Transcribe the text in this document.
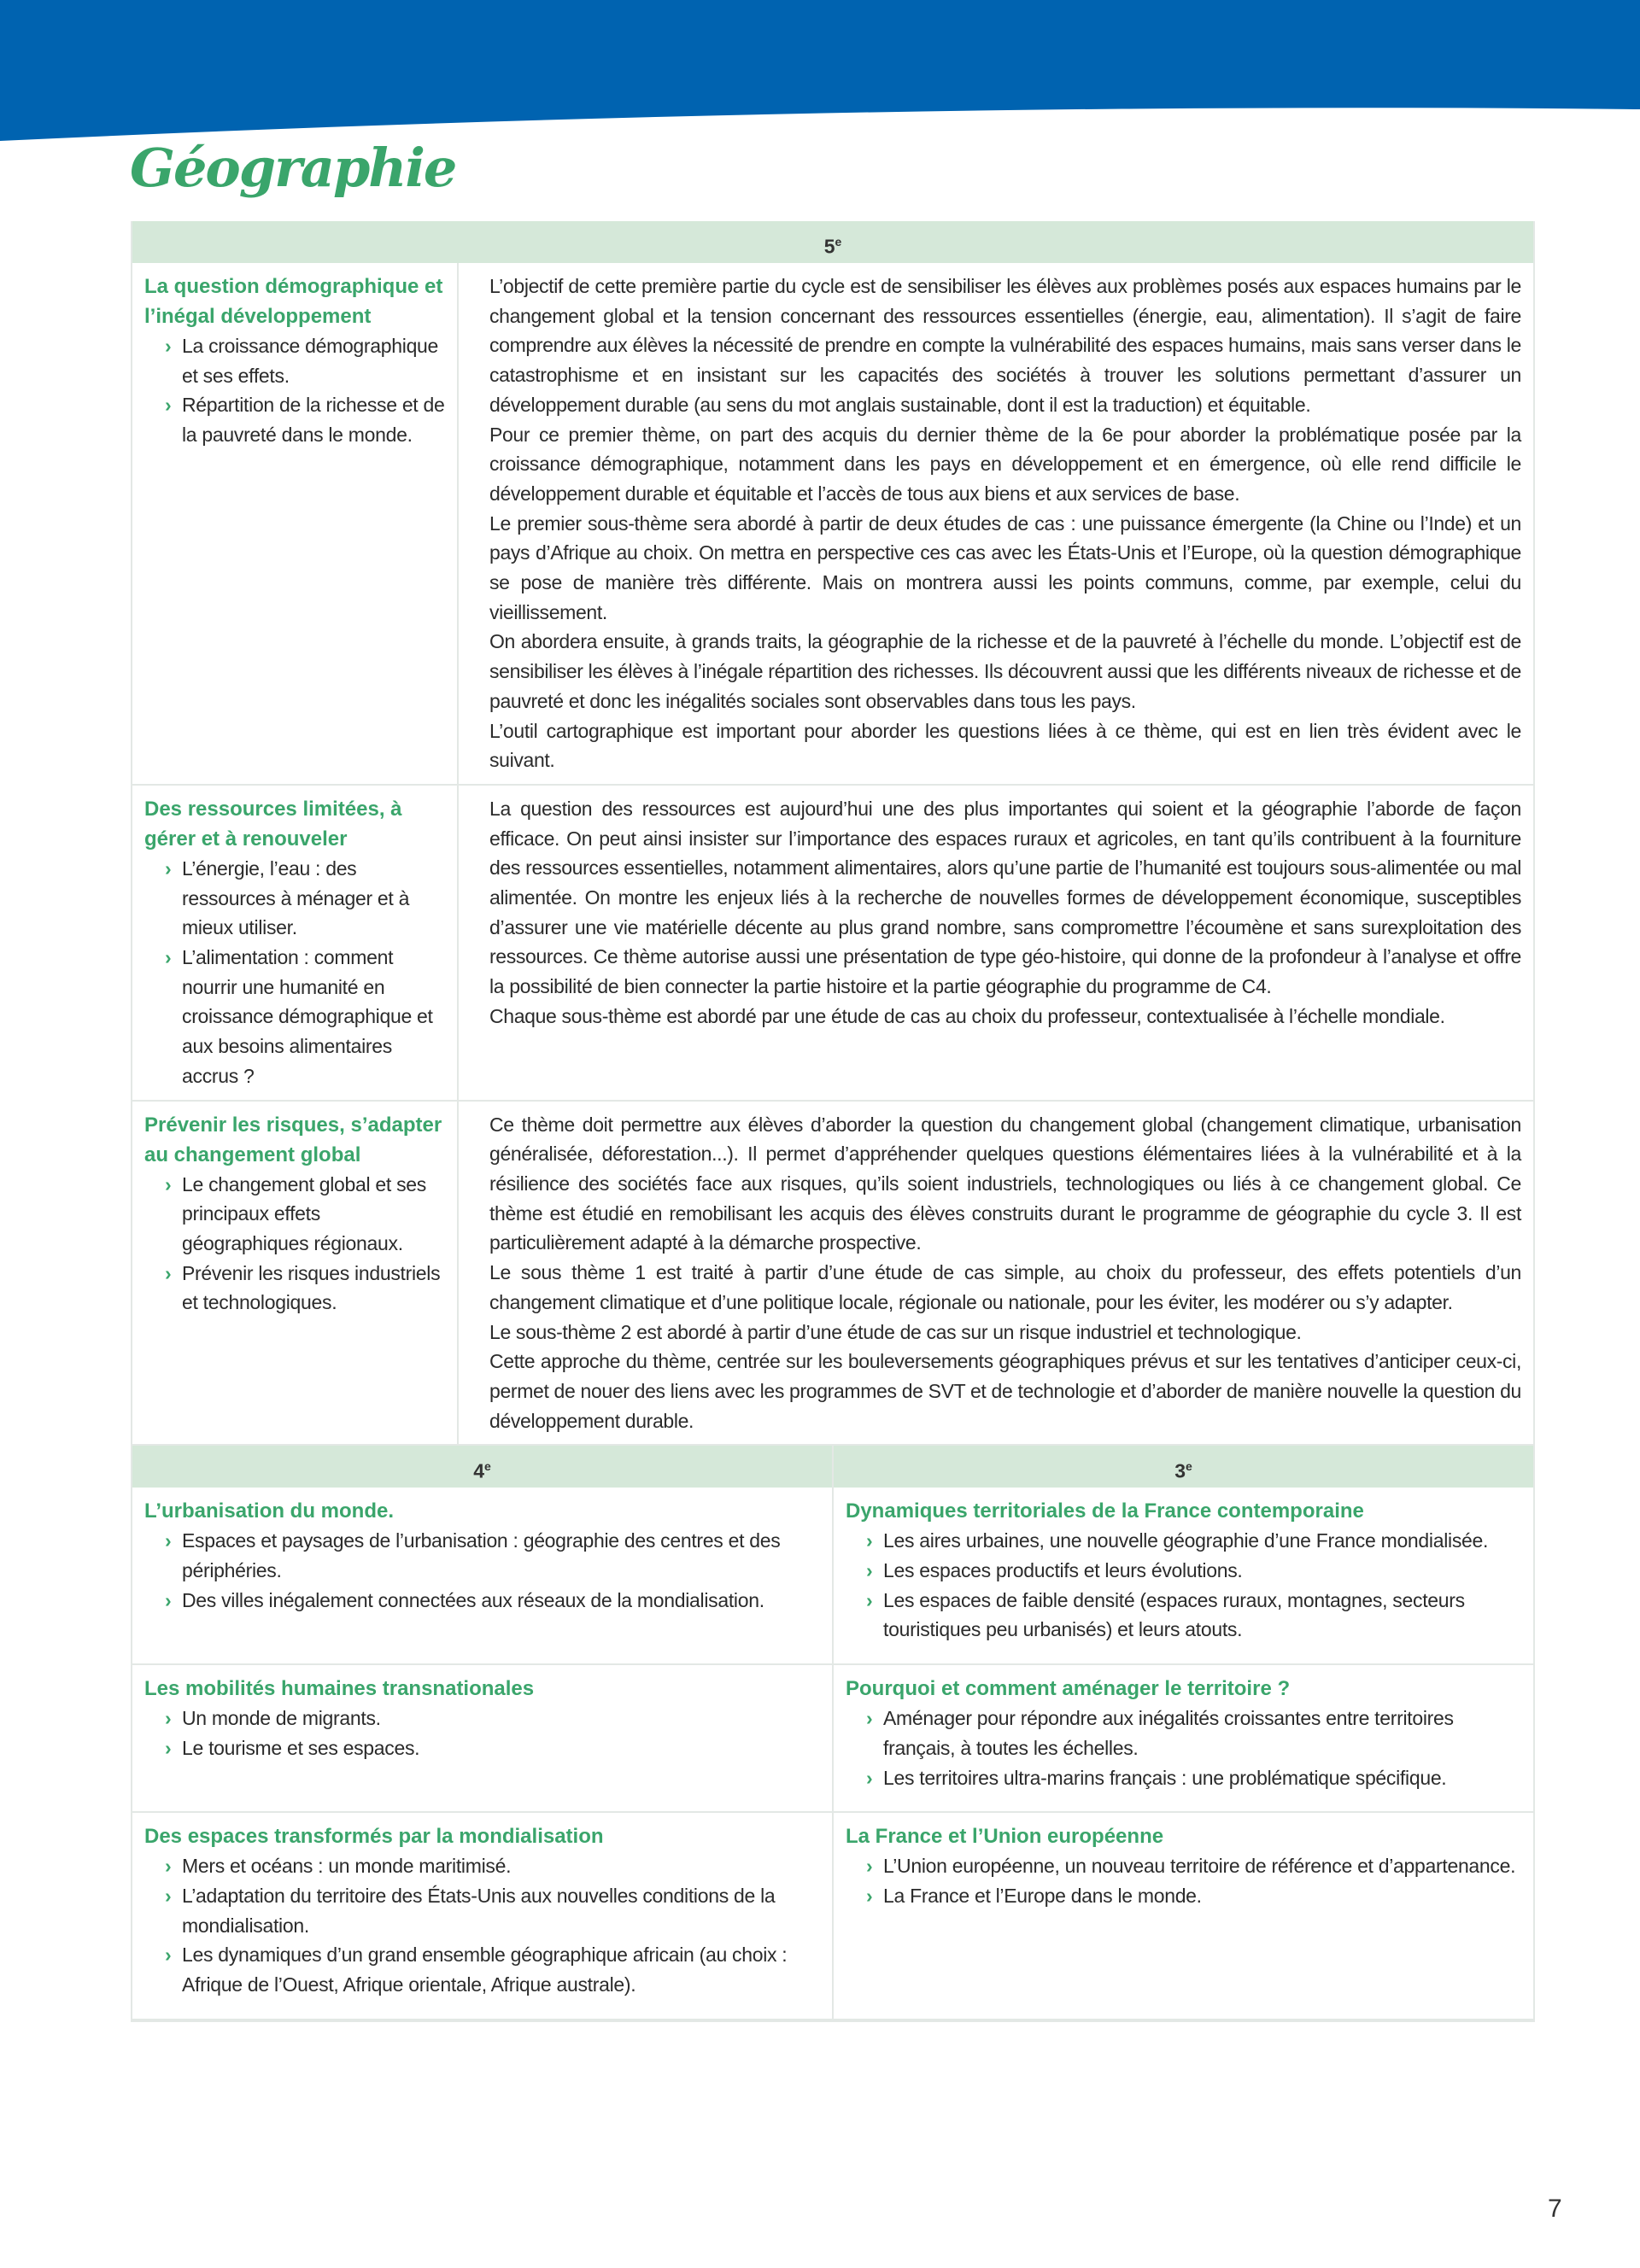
Géographie
5e
La question démographique et l’inégal développement
› La croissance démographique et ses effets.
› Répartition de la richesse et de la pauvreté dans le monde.

L’objectif de cette première partie du cycle est de sensibiliser les élèves aux problèmes posés aux espaces humains par le changement global et la tension concernant des ressources essentielles (énergie, eau, alimentation). Il s’agit de faire comprendre aux élèves la nécessité de prendre en compte la vulnérabilité des espaces humains, mais sans verser dans le catastrophisme et en insistant sur les capacités des sociétés à trouver les solutions permettant d’assurer un développement durable (au sens du mot anglais sustainable, dont il est la traduction) et équitable.

Pour ce premier thème, on part des acquis du dernier thème de la 6e pour aborder la problématique posée par la croissance démographique, notamment dans les pays en développement et en émergence, où elle rend difficile le développement durable et équitable et l’accès de tous aux biens et aux services de base.

Le premier sous-thème sera abordé à partir de deux études de cas : une puissance émergente (la Chine ou l’Inde) et un pays d’Afrique au choix. On mettra en perspective ces cas avec les États-Unis et l’Europe, où la question démographique se pose de manière très différente. Mais on montrera aussi les points communs, comme, par exemple, celui du vieillissement.

On abordera ensuite, à grands traits, la géographie de la richesse et de la pauvreté à l’échelle du monde. L’objectif est de sensibiliser les élèves à l’inégale répartition des richesses. Ils découvrent aussi que les différents niveaux de richesse et de pauvreté et donc les inégalités sociales sont observables dans tous les pays.

L’outil cartographique est important pour aborder les questions liées à ce thème, qui est en lien très évident avec le suivant.

Des ressources limitées, à gérer et à renouveler
› L’énergie, l’eau : des ressources à ménager et à mieux utiliser.
› L’alimentation : comment nourrir une humanité en croissance démographique et aux besoins alimentaires accrus ?

La question des ressources est aujourd’hui une des plus importantes qui soient et la géographie l’aborde de façon efficace. On peut ainsi insister sur l’importance des espaces ruraux et agricoles, en tant qu’ils contribuent à la fourniture des ressources essentielles, notamment alimentaires, alors qu’une partie de l’humanité est toujours sous-alimentée ou mal alimentée. On montre les enjeux liés à la recherche de nouvelles formes de développement économique, susceptibles d’assurer une vie matérielle décente au plus grand nombre, sans compromettre l’écoumène et sans surexploitation des ressources. Ce thème autorise aussi une présentation de type géo-histoire, qui donne de la profondeur à l’analyse et offre la possibilité de bien connecter la partie histoire et la partie géographie du programme de C4.

Chaque sous-thème est abordé par une étude de cas au choix du professeur, contextualisée à l’échelle mondiale.

Prévenir les risques, s’adapter au changement global
› Le changement global et ses principaux effets géographiques régionaux.
› Prévenir les risques industriels et technologiques.

Ce thème doit permettre aux élèves d’aborder la question du changement global (changement climatique, urbanisation généralisée, déforestation...). Il permet d’appréhender quelques questions élémentaires liées à la vulnérabilité et à la résilience des sociétés face aux risques, qu’ils soient industriels, technologiques ou liés à ce changement global. Ce thème est étudié en remobilisant les acquis des élèves construits durant le programme de géographie du cycle 3. Il est particulièrement adapté à la démarche prospective.

Le sous thème 1 est traité à partir d’une étude de cas simple, au choix du professeur, des effets potentiels d’un changement climatique et d’une politique locale, régionale ou nationale, pour les éviter, les modérer ou s’y adapter.

Le sous-thème 2 est abordé à partir d’une étude de cas sur un risque industriel et technologique.

Cette approche du thème, centrée sur les bouleversements géographiques prévus et sur les tentatives d’anticiper ceux-ci, permet de nouer des liens avec les programmes de SVT et de technologie et d’aborder de manière nouvelle la question du développement durable.

4e	3e
L’urbanisation du monde.
› Espaces et paysages de l’urbanisation : géographie des centres et des périphéries.
› Des villes inégalement connectées aux réseaux de la mondialisation.
Dynamiques territoriales de la France contemporaine
› Les aires urbaines, une nouvelle géographie d’une France mondialisée.
› Les espaces productifs et leurs évolutions.
› Les espaces de faible densité (espaces ruraux, montagnes, secteurs touristiques peu urbanisés) et leurs atouts.
Les mobilités humaines transnationales
› Un monde de migrants.
› Le tourisme et ses espaces.
Pourquoi et comment aménager le territoire ?
› Aménager pour répondre aux inégalités croissantes entre territoires français, à toutes les échelles.
› Les territoires ultra-marins français : une problématique spécifique.
Des espaces transformés par la mondialisation
› Mers et océans : un monde maritimisé.
› L’adaptation du territoire des États-Unis aux nouvelles conditions de la mondialisation.
› Les dynamiques d’un grand ensemble géographique africain (au choix : Afrique de l’Ouest, Afrique orientale, Afrique australe).
La France et l’Union européenne
› L’Union européenne, un nouveau territoire de référence et d’appartenance.
› La France et l’Europe dans le monde.
7
